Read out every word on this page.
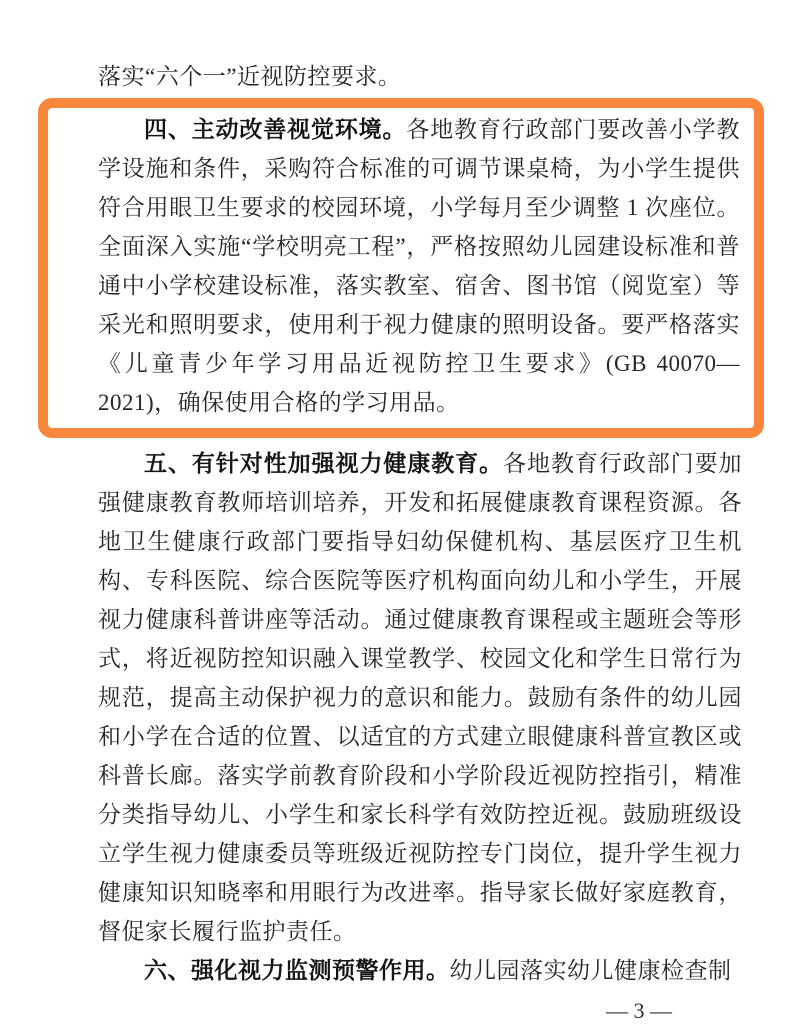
落实“六个一”近视防控要求。

四、主动改善视觉环境。各地教育行政部门要改善小学教学设施和条件，采购符合标准的可调节课桌椅，为小学生提供符合用眼卫生要求的校园环境，小学每月至少调整 1 次座位。全面深入实施“学校明亮工程”，严格按照幼儿园建设标准和普通中小学校建设标准，落实教室、宿舍、图书馆（阅览室）等采光和照明要求，使用利于视力健康的照明设备。要严格落实《儿童青少年学习用品近视防控卫生要求》(GB 40070—2021)，确保使用合格的学习用品。

五、有针对性加强视力健康教育。各地教育行政部门要加强健康教育教师培训培养，开发和拓展健康教育课程资源。各地卫生健康行政部门要指导妇幼保健机构、基层医疗卫生机构、专科医院、综合医院等医疗机构面向幼儿和小学生，开展视力健康科普讲座等活动。通过健康教育课程或主题班会等形式，将近视防控知识融入课堂教学、校园文化和学生日常行为规范，提高主动保护视力的意识和能力。鼓励有条件的幼儿园和小学在合适的位置、以适宜的方式建立眼健康科普宣教区或科普长廊。落实学前教育阶段和小学阶段近视防控指引，精准分类指导幼儿、小学生和家长科学有效防控近视。鼓励班级设立学生视力健康委员等班级近视防控专门岗位，提升学生视力健康知识知晓率和用眼行为改进率。指导家长做好家庭教育，督促家长履行监护责任。

六、强化视力监测预警作用。幼儿园落实幼儿健康检查制

— 3 —
